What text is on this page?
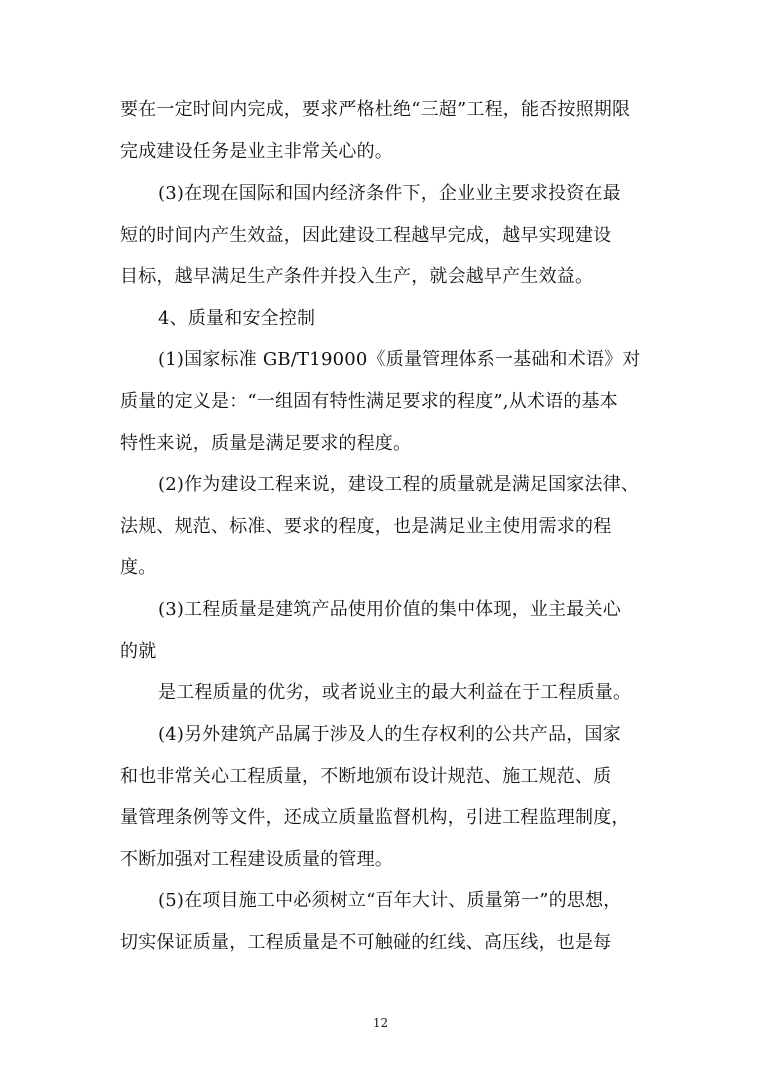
要在一定时间内完成，要求严格杜绝“三超”工程，能否按照期限
完成建设任务是业主非常关心的。
(3)在现在国际和国内经济条件下，企业业主要求投资在最
短的时间内产生效益，因此建设工程越早完成，越早实现建设
目标，越早满足生产条件并投入生产，就会越早产生效益。
4、质量和安全控制
(1)国家标准 GB/T19000《质量管理体系一基础和术语》对
质量的定义是：“一组固有特性满足要求的程度”,从术语的基本
特性来说，质量是满足要求的程度。
(2)作为建设工程来说，建设工程的质量就是满足国家法律、
法规、规范、标准、要求的程度，也是满足业主使用需求的程
度。
(3)工程质量是建筑产品使用价值的集中体现，业主最关心
的就
是工程质量的优劣，或者说业主的最大利益在于工程质量。
(4)另外建筑产品属于涉及人的生存权利的公共产品，国家
和也非常关心工程质量，不断地颁布设计规范、施工规范、质
量管理条例等文件，还成立质量监督机构，引进工程监理制度，
不断加强对工程建设质量的管理。
(5)在项目施工中必须树立“百年大计、质量第一”的思想，
切实保证质量，工程质量是不可触碰的红线、高压线，也是每
12
